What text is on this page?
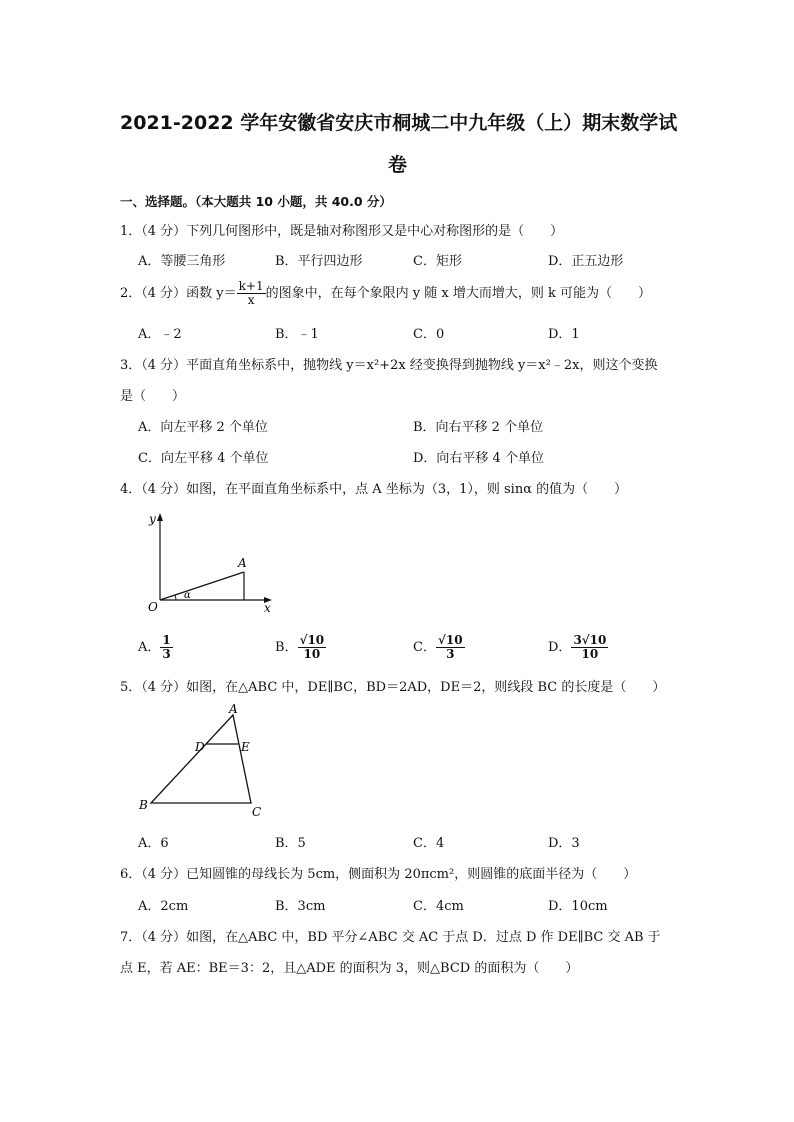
2021-2022 学年安徽省安庆市桐城二中九年级（上）期末数学试
卷
一、选择题。（本大题共 10 小题，共 40.0 分）
1．（4 分）下列几何图形中，既是轴对称图形又是中心对称图形的是（　　）
A．等腰三角形	B．平行四边形	C．矩形	D．正五边形
2．（4 分）函数 $y= \frac{k+1}{x}$ 的图象中，在每个象限内 y 随 x 增大而增大，则 k 可能为（　　）
A．﹣2	B．﹣1	C．0	D．1
3．（4 分）平面直角坐标系中，抛物线 y＝x²+2x 经变换得到抛物线 y＝x²﹣2x，则这个变换
是（　　）
A．向左平移 2 个单位	B．向右平移 2 个单位
C．向左平移 4 个单位	D．向右平移 4 个单位
4．（4 分）如图，在平面直角坐标系中，点 A 坐标为（3，1），则 sinα 的值为（　　）
y
x
O
A
α
A． $\frac{1}{3}$	B． $\frac{√10}{10}$	C． $\frac{√10}{3}$	D． $\frac{3√10}{10}$
5．（4 分）如图，在△ABC 中，DE∥BC，BD＝2AD，DE＝2，则线段 BC 的长度是（　　）
A
B	C
D	E
A．6	B．5	C．4	D．3
6．（4 分）已知圆锥的母线长为 5cm，侧面积为 20πcm²，则圆锥的底面半径为（　　）
A．2cm	B．3cm	C．4cm	D．10cm
7．（4 分）如图，在△ABC 中，BD 平分∠ABC 交 AC 于点 D．过点 D 作 DE∥BC 交 AB 于
点 E，若 AE：BE＝3：2，且△ADE 的面积为 3，则△BCD 的面积为（　　）
